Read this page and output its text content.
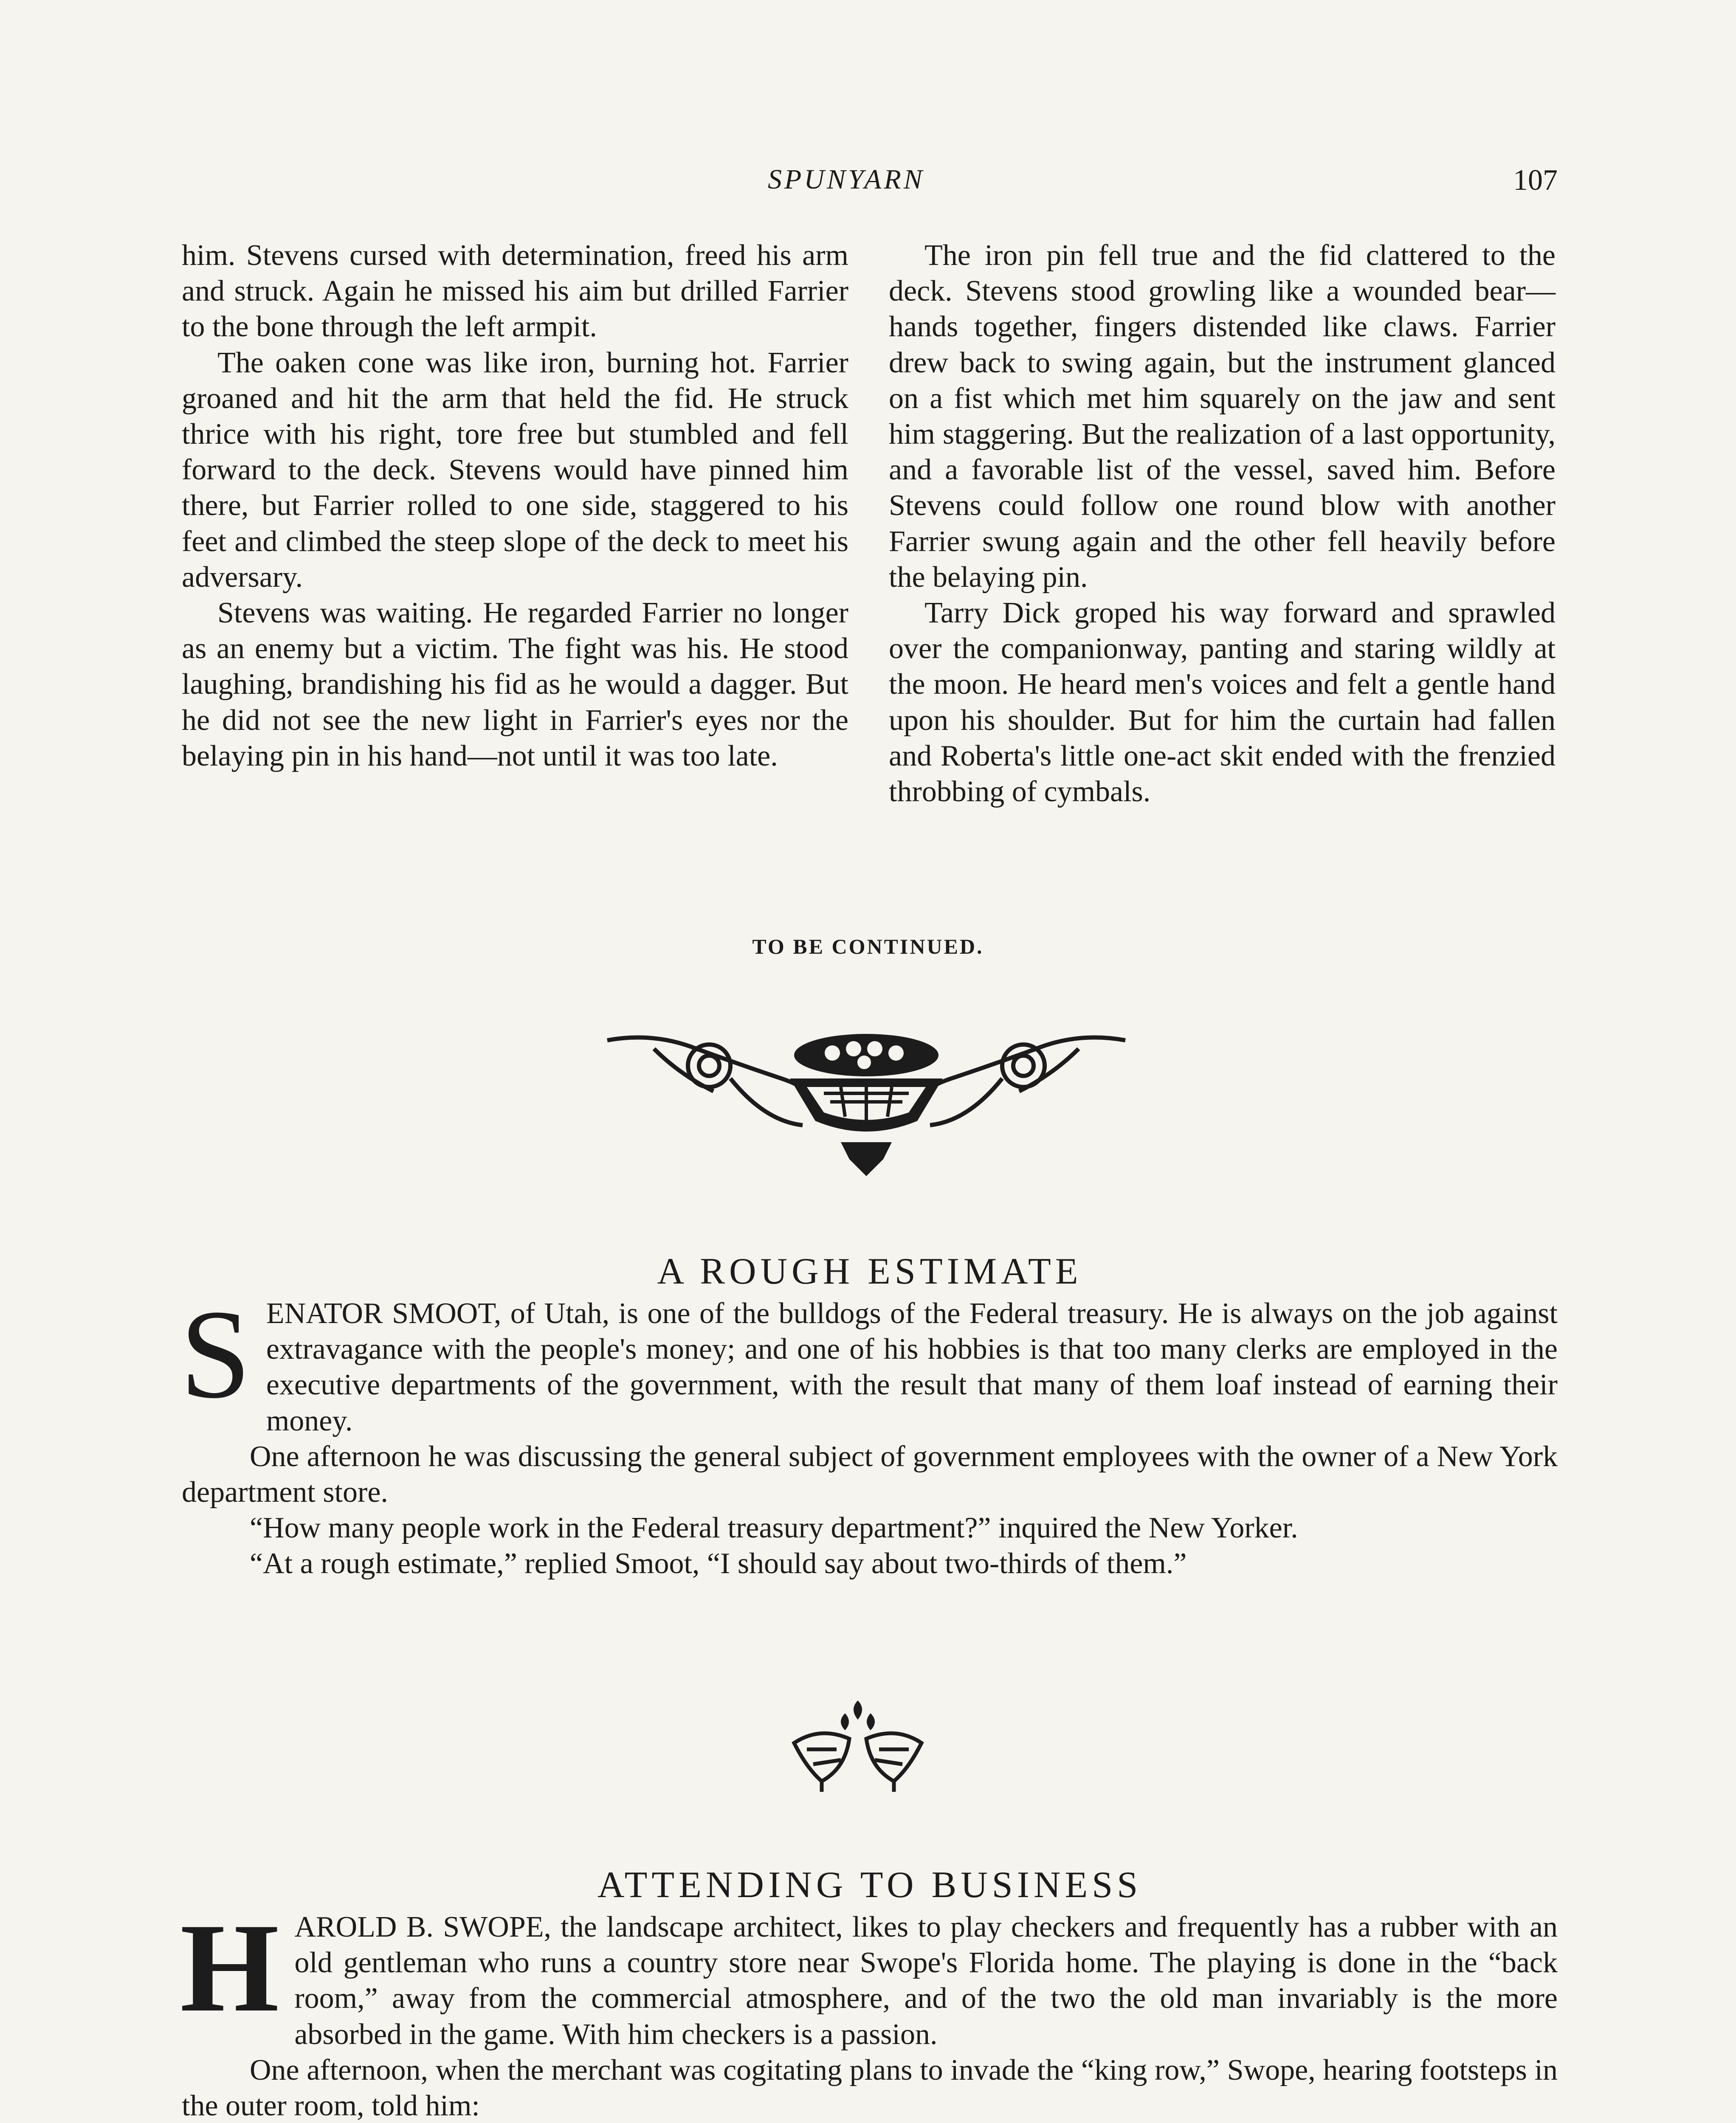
SPUNYARN	107

him. Stevens cursed with determination, freed his arm and struck. Again he missed his aim but drilled Farrier to the bone through the left armpit.

The oaken cone was like iron, burning hot. Farrier groaned and hit the arm that held the fid. He struck thrice with his right, tore free but stumbled and fell forward to the deck. Stevens would have pinned him there, but Farrier rolled to one side, staggered to his feet and climbed the steep slope of the deck to meet his adversary.

Stevens was waiting. He regarded Farrier no longer as an enemy but a victim. The fight was his. He stood laughing, brandishing his fid as he would a dagger. But he did not see the new light in Farrier's eyes nor the belaying pin in his hand—not until it was too late.

The iron pin fell true and the fid clattered to the deck. Stevens stood growling like a wounded bear—hands together, fingers distended like claws. Farrier drew back to swing again, but the instrument glanced on a fist which met him squarely on the jaw and sent him staggering. But the realization of a last opportunity, and a favorable list of the vessel, saved him. Before Stevens could follow one round blow with another Farrier swung again and the other fell heavily before the belaying pin.

Tarry Dick groped his way forward and sprawled over the companionway, panting and staring wildly at the moon. He heard men's voices and felt a gentle hand upon his shoulder. But for him the curtain had fallen and Roberta's little one-act skit ended with the frenzied throbbing of cymbals.

TO BE CONTINUED.
A ROUGH ESTIMATE

SENATOR SMOOT, of Utah, is one of the bulldogs of the Federal treasury. He is always on the job against extravagance with the people's money; and one of his hobbies is that too many clerks are employed in the executive departments of the government, with the result that many of them loaf instead of earning their money.

One afternoon he was discussing the general subject of government employees with the owner of a New York department store.

“How many people work in the Federal treasury department?” inquired the New Yorker.

“At a rough estimate,” replied Smoot, “I should say about two-thirds of them.”

ATTENDING TO BUSINESS

HAROLD B. SWOPE, the landscape architect, likes to play checkers and frequently has a rubber with an old gentleman who runs a country store near Swope's Florida home. The playing is done in the “back room,” away from the commercial atmosphere, and of the two the old man invariably is the more absorbed in the game. With him checkers is a passion.

One afternoon, when the merchant was cogitating plans to invade the “king row,” Swope, hearing footsteps in the outer room, told him:
